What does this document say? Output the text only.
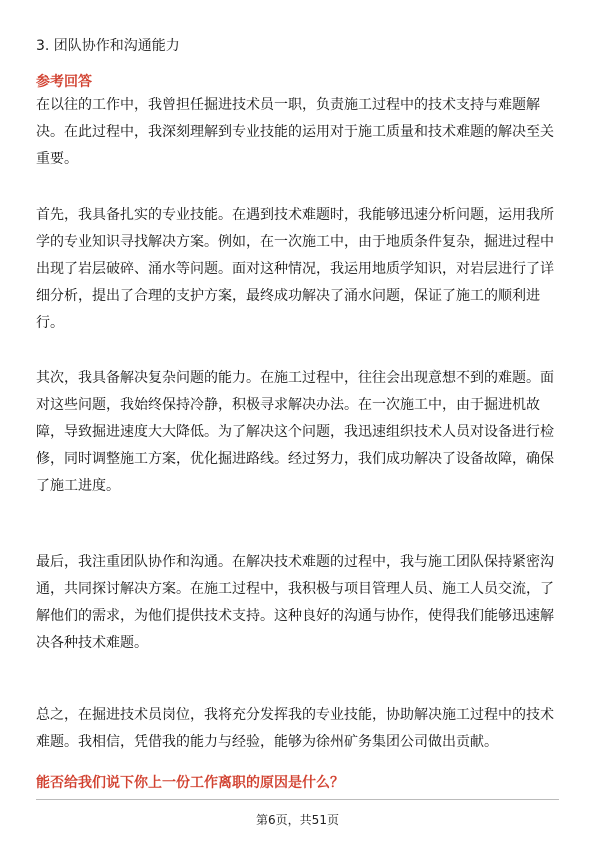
3. 团队协作和沟通能力
参考回答

在以往的工作中，我曾担任掘进技术员一职，负责施工过程中的技术支持与难题解决。在此过程中，我深刻理解到专业技能的运用对于施工质量和技术难题的解决至关重要。

首先，我具备扎实的专业技能。在遇到技术难题时，我能够迅速分析问题，运用我所学的专业知识寻找解决方案。例如，在一次施工中，由于地质条件复杂，掘进过程中出现了岩层破碎、涌水等问题。面对这种情况，我运用地质学知识，对岩层进行了详细分析，提出了合理的支护方案，最终成功解决了涌水问题，保证了施工的顺利进行。

其次，我具备解决复杂问题的能力。在施工过程中，往往会出现意想不到的难题。面对这些问题，我始终保持冷静，积极寻求解决办法。在一次施工中，由于掘进机故障，导致掘进速度大大降低。为了解决这个问题，我迅速组织技术人员对设备进行检修，同时调整施工方案，优化掘进路线。经过努力，我们成功解决了设备故障，确保了施工进度。

最后，我注重团队协作和沟通。在解决技术难题的过程中，我与施工团队保持紧密沟通，共同探讨解决方案。在施工过程中，我积极与项目管理人员、施工人员交流，了解他们的需求，为他们提供技术支持。这种良好的沟通与协作，使得我们能够迅速解决各种技术难题。

总之，在掘进技术员岗位，我将充分发挥我的专业技能，协助解决施工过程中的技术难题。我相信，凭借我的能力与经验，能够为徐州矿务集团公司做出贡献。

能否给我们说下你上一份工作离职的原因是什么？
第6页，共51页
